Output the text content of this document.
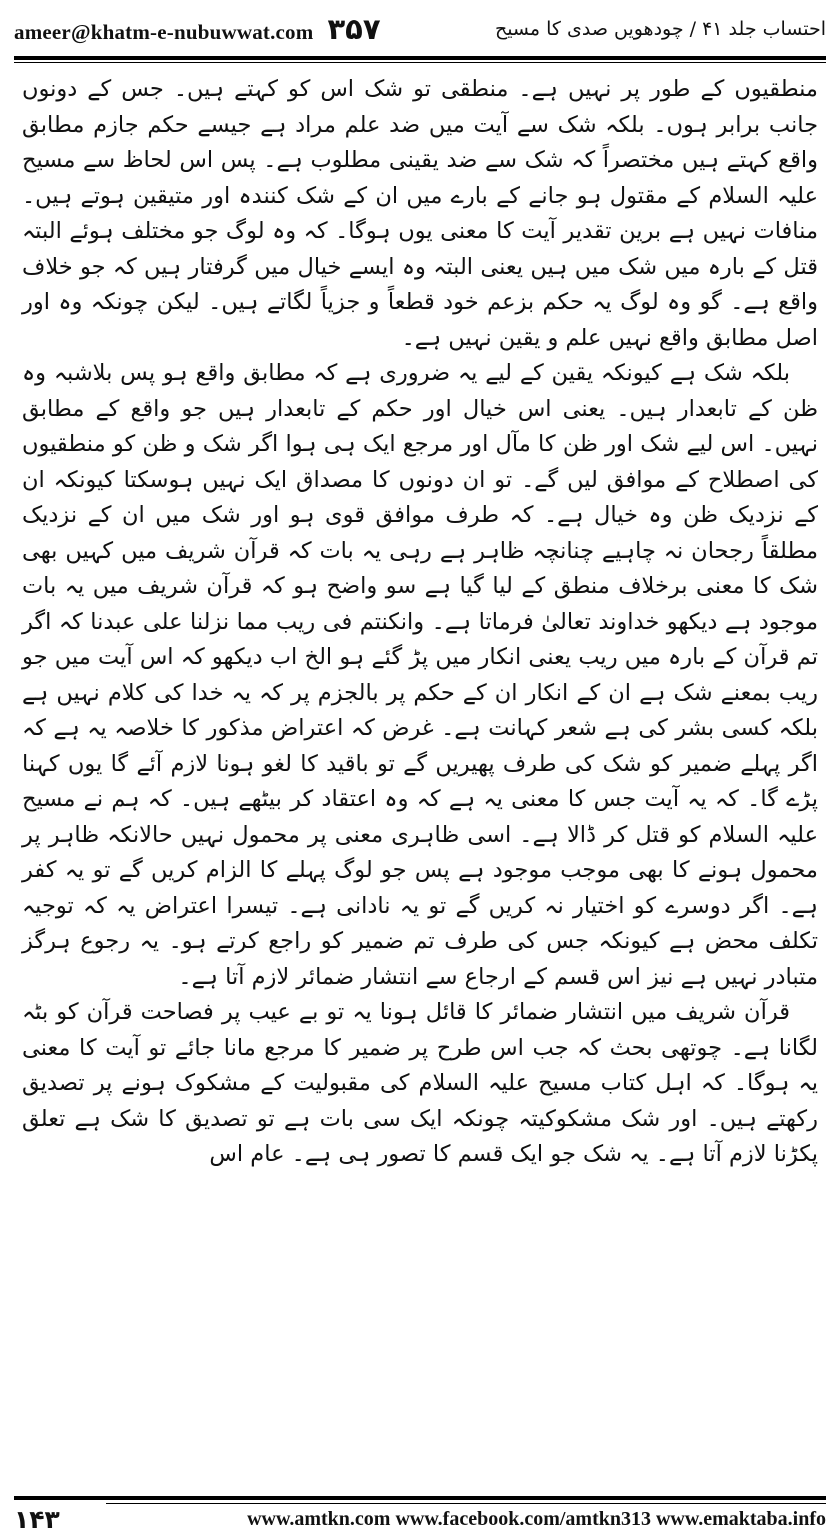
ameer@khatm-e-nubuwwat.com ۳۵۷	احتساب جلد ۴۱ / چودھویں صدی کا مسیح

منطقیوں کے طور پر نہیں ہے۔ منطقی تو شک اس کو کہتے ہیں۔ جس کے دونوں جانب برابر ہوں۔ بلکہ شک سے آیت میں ضد علم مراد ہے جیسے حکم جازم مطابق واقع کہتے ہیں مختصراً کہ شک سے ضد یقینی مطلوب ہے۔ پس اس لحاظ سے مسیح علیہ السلام کے مقتول ہو جانے کے بارے میں ان کے شک کنندہ اور متیقین ہوتے ہیں۔ منافات نہیں ہے برین تقدیر آیت کا معنی یوں ہوگا۔ کہ وہ لوگ جو مختلف ہوئے البتہ قتل کے بارہ میں شک میں ہیں یعنی البتہ وہ ایسے خیال میں گرفتار ہیں کہ جو خلاف واقع ہے۔ گو وہ لوگ یہ حکم بزعم خود قطعاً و جزیاً لگاتے ہیں۔ لیکن چونکہ وہ اور اصل مطابق واقع نہیں علم و یقین نہیں ہے۔

بلکہ شک ہے کیونکہ یقین کے لیے یہ ضروری ہے کہ مطابق واقع ہو پس بلاشبہ وہ ظن کے تابعدار ہیں۔ یعنی اس خیال اور حکم کے تابعدار ہیں جو واقع کے مطابق نہیں۔ اس لیے شک اور ظن کا مآل اور مرجع ایک ہی ہوا اگر شک و ظن کو منطقیوں کی اصطلاح کے موافق لیں گے۔ تو ان دونوں کا مصداق ایک نہیں ہوسکتا کیونکہ ان کے نزدیک ظن وہ خیال ہے۔ کہ طرف موافق قوی ہو اور شک میں ان کے نزدیک مطلقاً رجحان نہ چاہیے چنانچہ ظاہر ہے رہی یہ بات کہ قرآن شریف میں کہیں بھی شک کا معنی برخلاف منطق کے لیا گیا ہے سو واضح ہو کہ قرآن شریف میں یہ بات موجود ہے دیکھو خداوند تعالیٰ فرماتا ہے۔ وانکنتم فی ریب مما نزلنا علی عبدنا کہ اگر تم قرآن کے بارہ میں ریب یعنی انکار میں پڑ گئے ہو الخ اب دیکھو کہ اس آیت میں جو ریب بمعنے شک ہے ان کے انکار ان کے حکم پر بالجزم پر کہ یہ خدا کی کلام نہیں ہے بلکہ کسی بشر کی ہے شعر کہانت ہے۔ غرض کہ اعتراض مذکور کا خلاصہ یہ ہے کہ اگر پہلے ضمیر کو شک کی طرف پھیریں گے تو باقید کا لغو ہونا لازم آئے گا یوں کہنا پڑے گا۔ کہ یہ آیت جس کا معنی یہ ہے کہ وہ اعتقاد کر بیٹھے ہیں۔ کہ ہم نے مسیح علیہ السلام کو قتل کر ڈالا ہے۔ اسی ظاہری معنی پر محمول نہیں حالانکہ ظاہر پر محمول ہونے کا بھی موجب موجود ہے پس جو لوگ پہلے کا الزام کریں گے تو یہ کفر ہے۔ اگر دوسرے کو اختیار نہ کریں گے تو یہ نادانی ہے۔ تیسرا اعتراض یہ کہ توجیہ تکلف محض ہے کیونکہ جس کی طرف تم ضمیر کو راجع کرتے ہو۔ یہ رجوع ہرگز متبادر نہیں ہے نیز اس قسم کے ارجاع سے انتشار ضمائر لازم آتا ہے۔

قرآن شریف میں انتشار ضمائر کا قائل ہونا یہ تو بے عیب پر فصاحت قرآن کو بٹہ لگانا ہے۔ چوتھی بحث کہ جب اس طرح پر ضمیر کا مرجع مانا جائے تو آیت کا معنی یہ ہوگا۔ کہ اہل کتاب مسیح علیہ السلام کی مقبولیت کے مشکوک ہونے پر تصدیق رکھتے ہیں۔ اور شک مشکوکیتہ چونکہ ایک سی بات ہے تو تصدیق کا شک ہے تعلق پکڑنا لازم آتا ہے۔ یہ شک جو ایک قسم کا تصور ہی ہے۔ عام اس

۱۴۳	www.amtkn.com www.facebook.com/amtkn313 www.emaktaba.info
